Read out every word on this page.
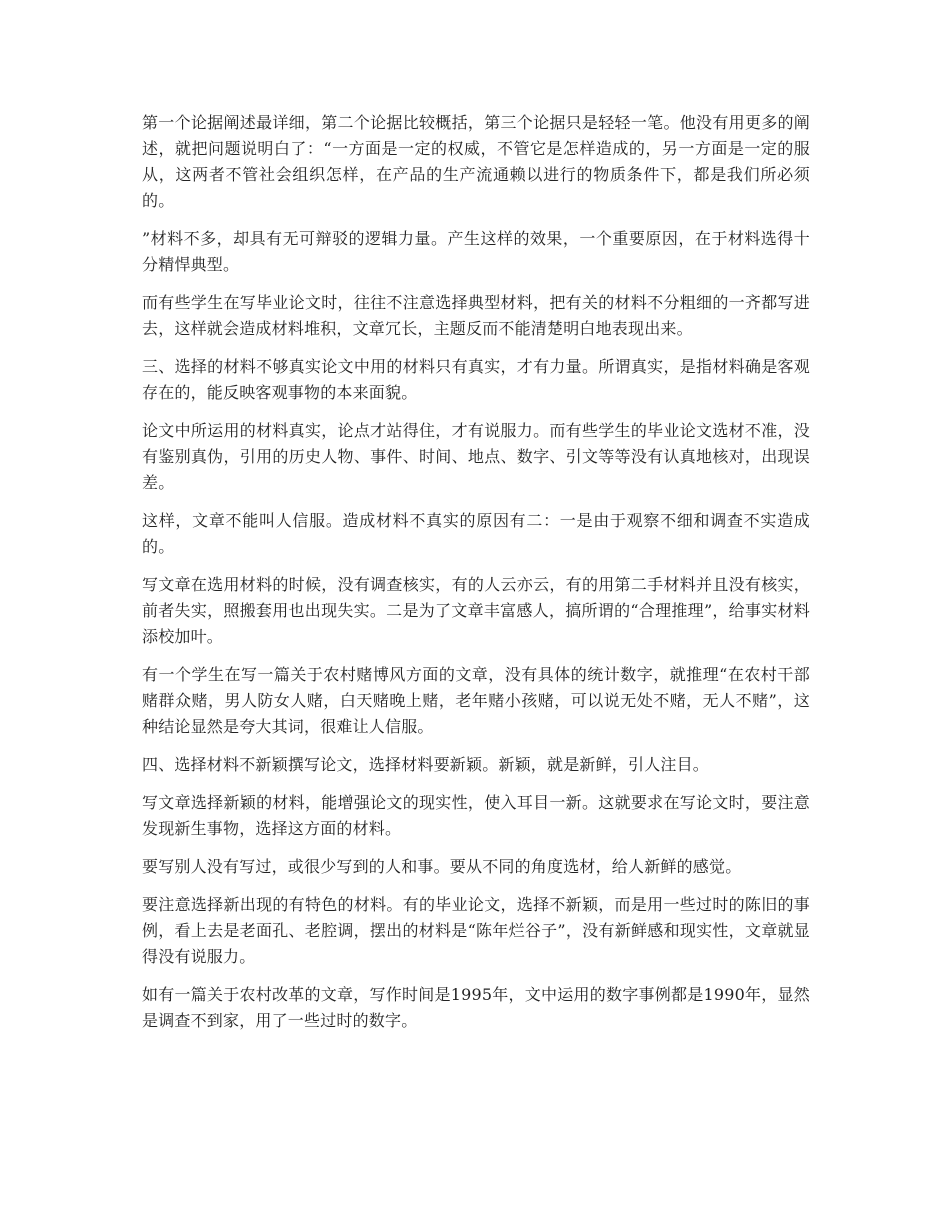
第一个论据阐述最详细，第二个论据比较概括，第三个论据只是轻轻一笔。他没有用更多的阐述，就把问题说明白了：“一方面是一定的权威，不管它是怎样造成的，另一方面是一定的服从，这两者不管社会组织怎样，在产品的生产流通赖以进行的物质条件下，都是我们所必须的。

”材料不多，却具有无可辩驳的逻辑力量。产生这样的效果，一个重要原因，在于材料选得十分精悍典型。

而有些学生在写毕业论文时，往往不注意选择典型材料，把有关的材料不分粗细的一齐都写进去，这样就会造成材料堆积，文章冗长，主题反而不能清楚明白地表现出来。

三、选择的材料不够真实论文中用的材料只有真实，才有力量。所谓真实，是指材料确是客观存在的，能反映客观事物的本来面貌。

论文中所运用的材料真实，论点才站得住，才有说服力。而有些学生的毕业论文选材不准，没有鉴别真伪，引用的历史人物、事件、时间、地点、数字、引文等等没有认真地核对，出现误差。

这样，文章不能叫人信服。造成材料不真实的原因有二：一是由于观察不细和调查不实造成的。

写文章在选用材料的时候，没有调查核实，有的人云亦云，有的用第二手材料并且没有核实，前者失实，照搬套用也出现失实。二是为了文章丰富感人，搞所谓的“合理推理”，给事实材料添校加叶。

有一个学生在写一篇关于农村赌博风方面的文章，没有具体的统计数字，就推理“在农村干部赌群众赌，男人防女人赌，白天赌晚上赌，老年赌小孩赌，可以说无处不赌，无人不赌”，这种结论显然是夸大其词，很难让人信服。

四、选择材料不新颖撰写论文，选择材料要新颖。新颖，就是新鲜，引人注目。

写文章选择新颖的材料，能增强论文的现实性，使入耳目一新。这就要求在写论文时，要注意发现新生事物，选择这方面的材料。

要写别人没有写过，或很少写到的人和事。要从不同的角度选材，给人新鲜的感觉。

要注意选择新出现的有特色的材料。有的毕业论文，选择不新颖，而是用一些过时的陈旧的事例，看上去是老面孔、老腔调，摆出的材料是“陈年烂谷子”，没有新鲜感和现实性，文章就显得没有说服力。

如有一篇关于农村改革的文章，写作时间是1995年，文中运用的数字事例都是1990年，显然是调查不到家，用了一些过时的数字。
